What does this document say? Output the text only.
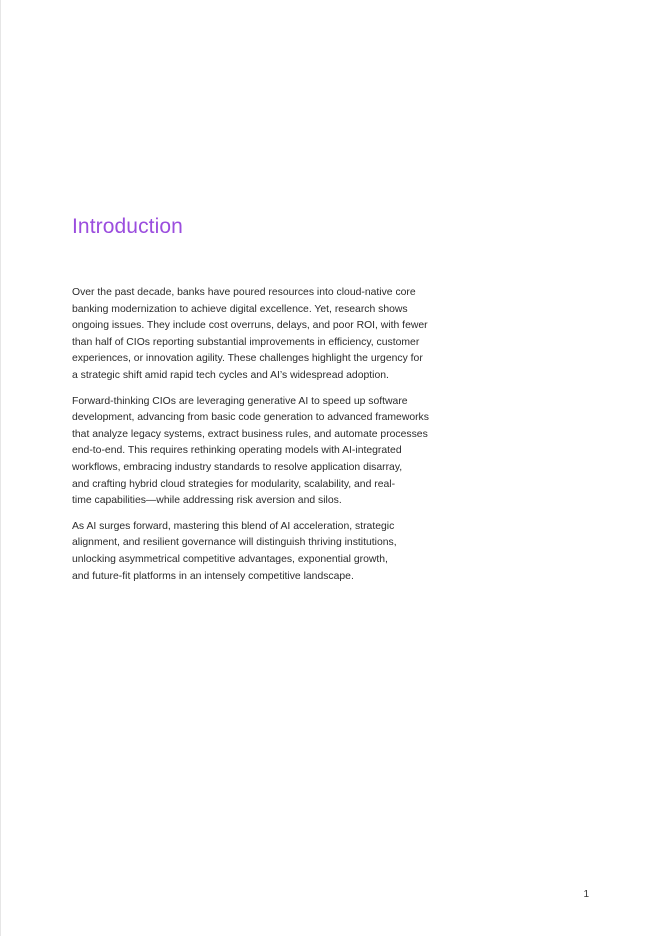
Introduction

Over the past decade, banks have poured resources into cloud-native core
banking modernization to achieve digital excellence. Yet, research shows
ongoing issues. They include cost overruns, delays, and poor ROI, with fewer
than half of CIOs reporting substantial improvements in efficiency, customer
experiences, or innovation agility. These challenges highlight the urgency for
a strategic shift amid rapid tech cycles and AI’s widespread adoption.

Forward-thinking CIOs are leveraging generative AI to speed up software
development, advancing from basic code generation to advanced frameworks
that analyze legacy systems, extract business rules, and automate processes
end-to-end. This requires rethinking operating models with AI-integrated
workflows, embracing industry standards to resolve application disarray,
and crafting hybrid cloud strategies for modularity, scalability, and real-
time capabilities—while addressing risk aversion and silos.

As AI surges forward, mastering this blend of AI acceleration, strategic
alignment, and resilient governance will distinguish thriving institutions,
unlocking asymmetrical competitive advantages, exponential growth,
and future-fit platforms in an intensely competitive landscape.

1
